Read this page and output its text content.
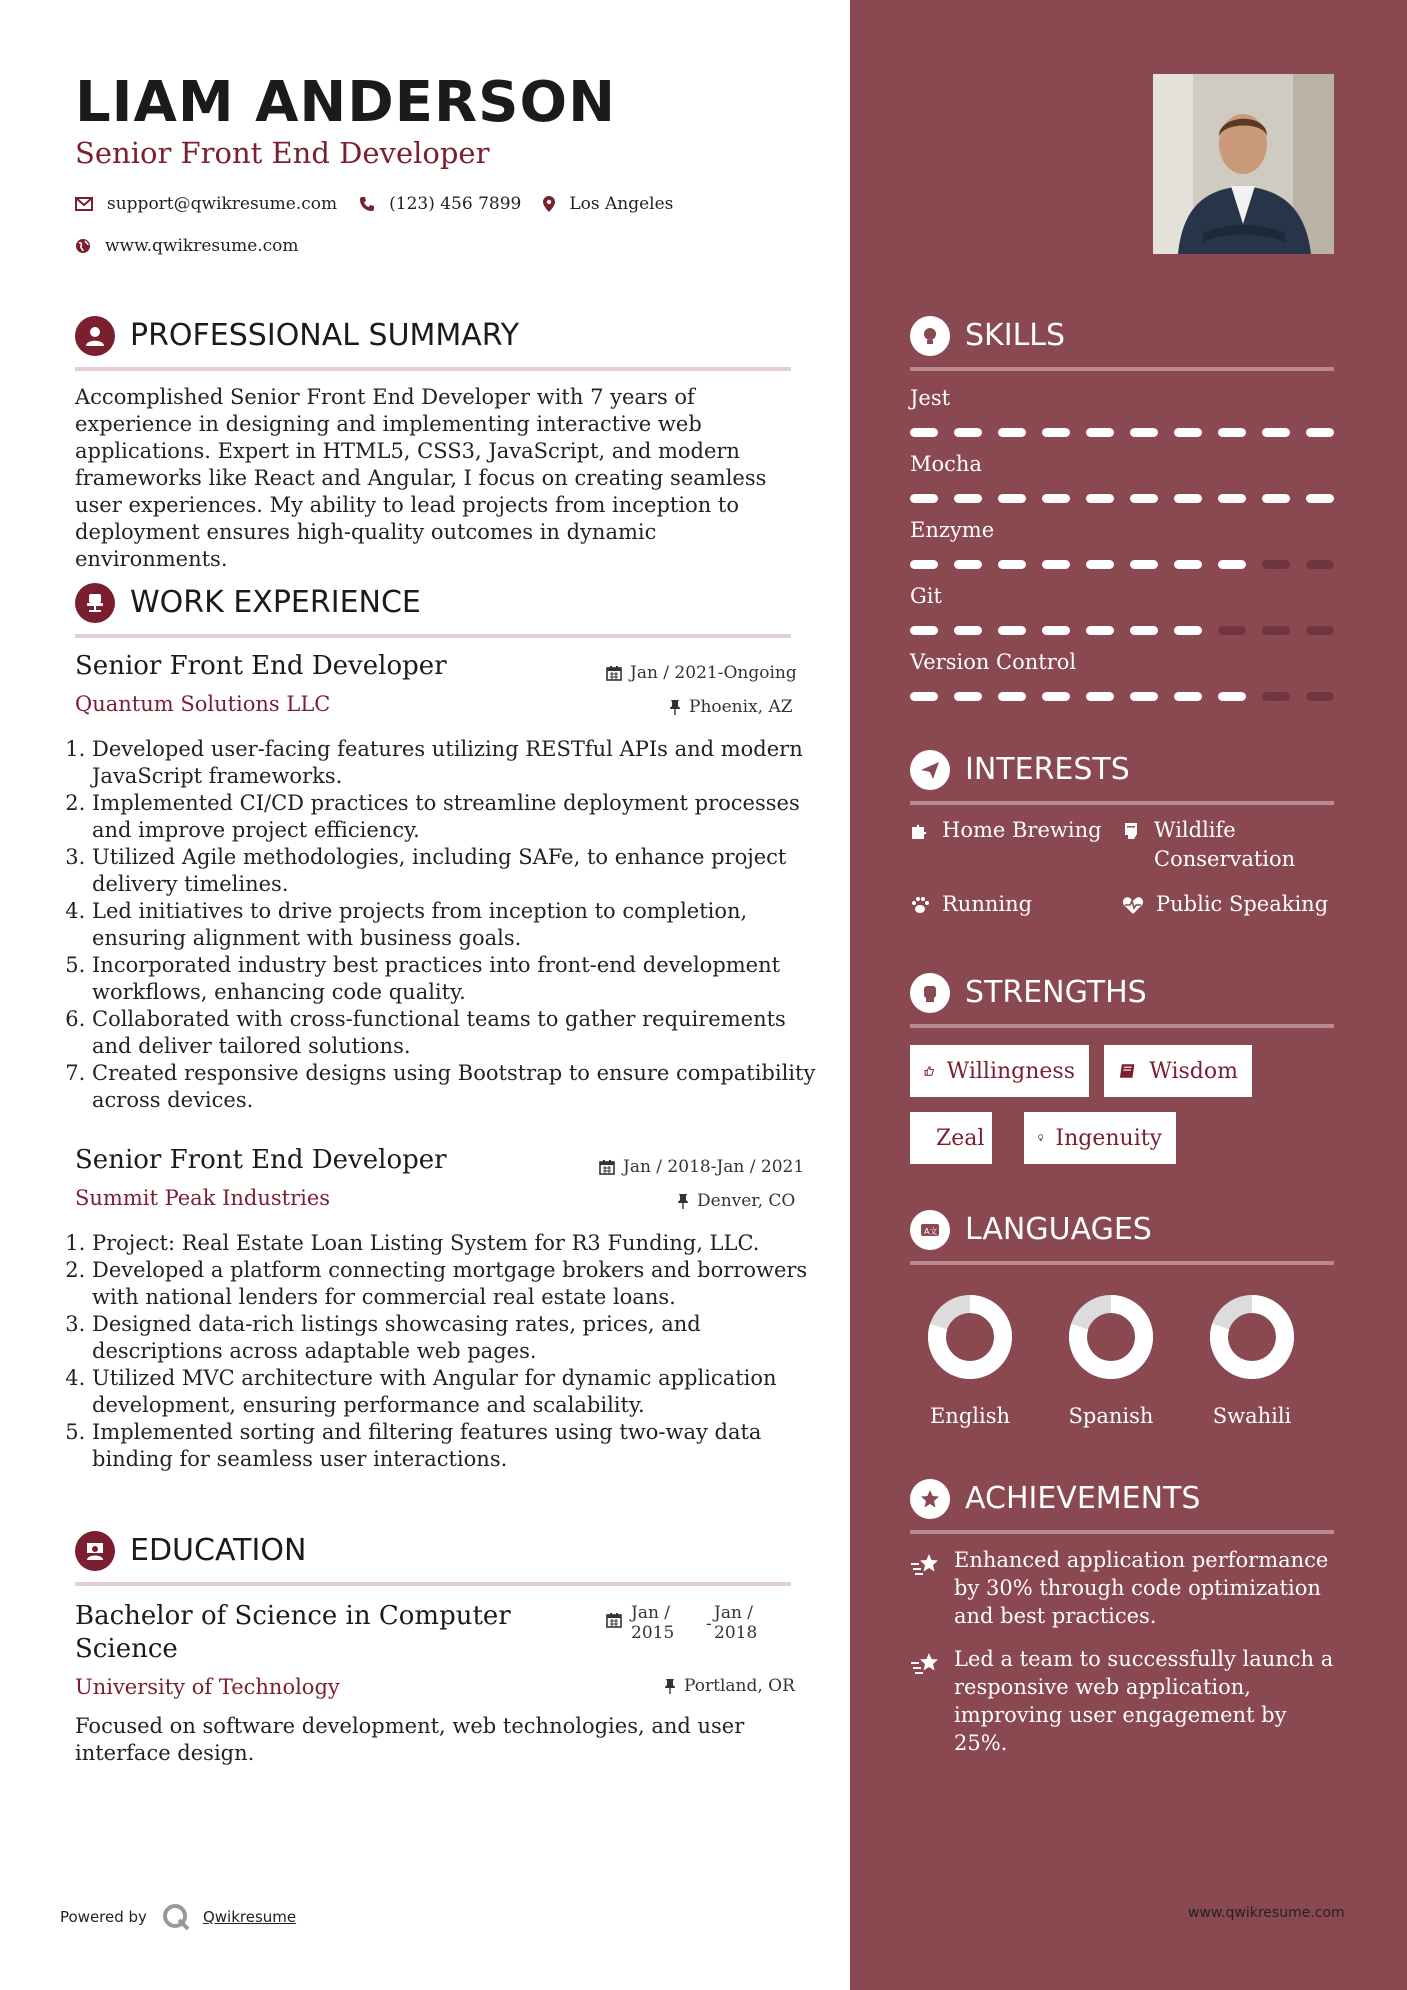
LIAM ANDERSON
Senior Front End Developer
support@qwikresume.com	(123) 456 7899	Los Angeles
www.qwikresume.com
PROFESSIONAL SUMMARY
Accomplished Senior Front End Developer with 7 years of experience in designing and implementing interactive web applications. Expert in HTML5, CSS3, JavaScript, and modern frameworks like React and Angular, I focus on creating seamless user experiences. My ability to lead projects from inception to deployment ensures high-quality outcomes in dynamic environments.
WORK EXPERIENCE
Senior Front End Developer
Quantum Solutions LLC
Jan / 2021-Ongoing
Phoenix, AZ
1. Developed user-facing features utilizing RESTful APIs and modern JavaScript frameworks.
2. Implemented CI/CD practices to streamline deployment processes and improve project efficiency.
3. Utilized Agile methodologies, including SAFe, to enhance project delivery timelines.
4. Led initiatives to drive projects from inception to completion, ensuring alignment with business goals.
5. Incorporated industry best practices into front-end development workflows, enhancing code quality.
6. Collaborated with cross-functional teams to gather requirements and deliver tailored solutions.
7. Created responsive designs using Bootstrap to ensure compatibility across devices.
Senior Front End Developer
Summit Peak Industries
Jan / 2018-Jan / 2021
Denver, CO
1. Project: Real Estate Loan Listing System for R3 Funding, LLC.
2. Developed a platform connecting mortgage brokers and borrowers with national lenders for commercial real estate loans.
3. Designed data-rich listings showcasing rates, prices, and descriptions across adaptable web pages.
4. Utilized MVC architecture with Angular for dynamic application development, ensuring performance and scalability.
5. Implemented sorting and filtering features using two-way data binding for seamless user interactions.
EDUCATION
Bachelor of Science in Computer Science
University of Technology
Jan / 2015	-
Jan / 2018
Portland, OR
Focused on software development, web technologies, and user interface design.
Powered by	Qwikresume
SKILLS
Jest
Mocha
Enzyme
Git
Version Control
INTERESTS
Home Brewing Wildlife Conservation
Running	Public Speaking
STRENGTHS
Willingness	Wisdom
Zeal	Ingenuity
A文 LANGUAGES
English	Spanish	Swahili
ACHIEVEMENTS
Enhanced application performance by 30% through code optimization and best practices.
Led a team to successfully launch a responsive web application, improving user engagement by 25%.
www.qwikresume.com
